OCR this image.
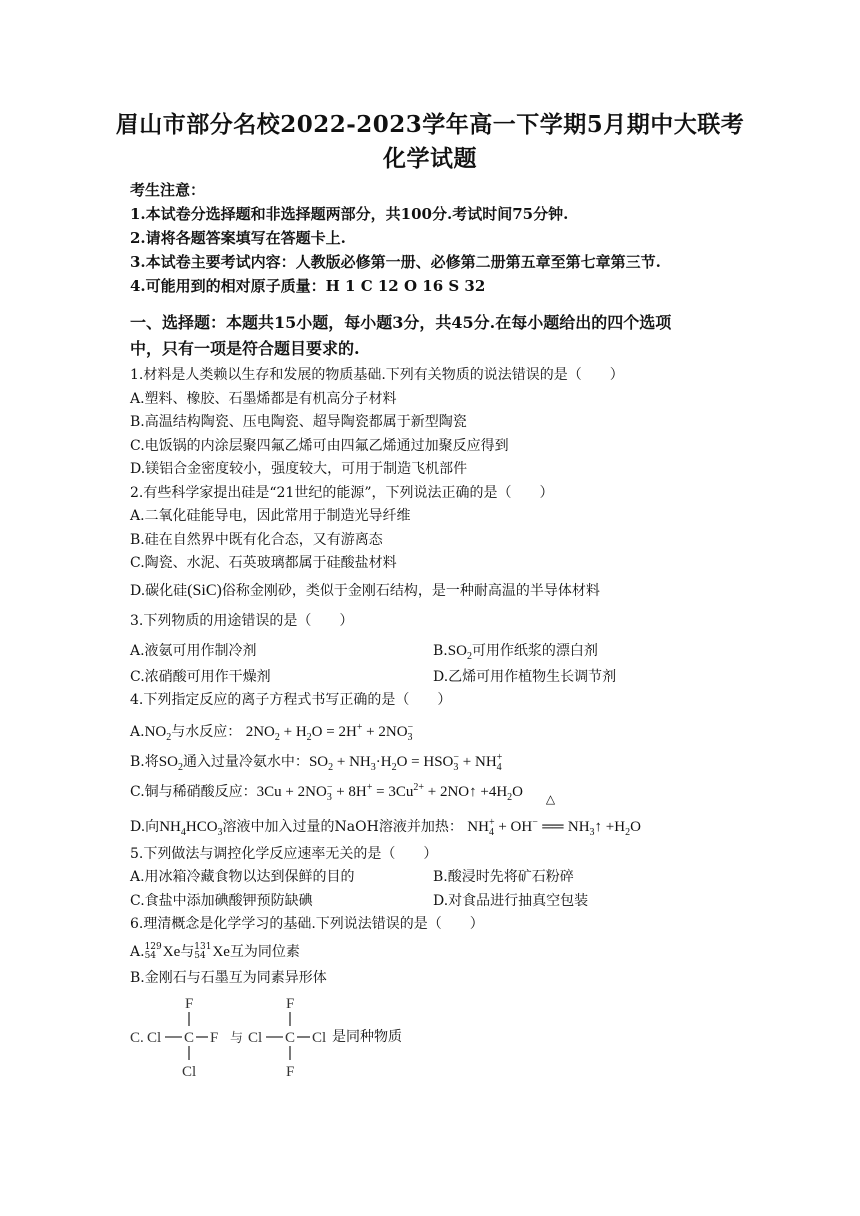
眉山市部分名校2022-2023学年高一下学期5月期中大联考
化学试题
考生注意：
1.本试卷分选择题和非选择题两部分，共100分.考试时间75分钟.
2.请将各题答案填写在答题卡上.
3.本试卷主要考试内容：人教版必修第一册、必修第二册第五章至第七章第三节.
4.可能用到的相对原子质量：H 1 C 12 O 16 S 32
一、选择题：本题共15小题，每小题3分，共45分.在每小题给出的四个选项
中，只有一项是符合题目要求的.
1.材料是人类赖以生存和发展的物质基础.下列有关物质的说法错误的是（　　）
A.塑料、橡胶、石墨烯都是有机高分子材料
B.高温结构陶瓷、压电陶瓷、超导陶瓷都属于新型陶瓷
C.电饭锅的内涂层聚四氟乙烯可由四氟乙烯通过加聚反应得到
D.镁铝合金密度较小，强度较大，可用于制造飞机部件
2.有些科学家提出硅是“21世纪的能源”，下列说法正确的是（　　）
A.二氧化硅能导电，因此常用于制造光导纤维
B.硅在自然界中既有化合态，又有游离态
C.陶瓷、水泥、石英玻璃都属于硅酸盐材料
D.碳化硅(SiC)俗称金刚砂，类似于金刚石结构，是一种耐高温的半导体材料
3.下列物质的用途错误的是（　　）
A.液氨可用作制冷剂	$B.SO_2$可用作纸浆的漂白剂
C.浓硝酸可用作干燥剂	D.乙烯可用作植物生长调节剂
4.下列指定反应的离子方程式书写正确的是（　　）
$A.NO_2$与水反应： $2NO_2 + H_2O = 2H^+ + 2NO_3^-$
B.将$SO_2$通入过量冷氨水中：$SO_2 + NH_3\cdot H_2O = HSO_3^- + NH_4^+$
C.铜与稀硝酸反应：$3Cu + 2NO_3^- + 8H^+ = 3Cu^{2+}$ + 2NO↑ $+4H_2O$
D.向$NH_4HCO_3$溶液中加入过量的NaOH溶液并加热： $NH_4^+ + OH^-$
△
══ $NH_3↑ +H_2O$
5.下列做法与调控化学反应速率无关的是（　　）
A.用冰箱冷藏食物以达到保鲜的目的	B.酸浸时先将矿石粉碎
C.食盐中添加碘酸钾预防缺碘	D.对食品进行抽真空包装
6.理清概念是化学学习的基础.下列说法错误的是（　　）
A. 129
54 Xe与 131
54 Xe互为同位素
B.金刚石与石墨互为同素异形体
C. Cl C F
F
Cl
与 Cl C Cl
F
F
是同种物质
